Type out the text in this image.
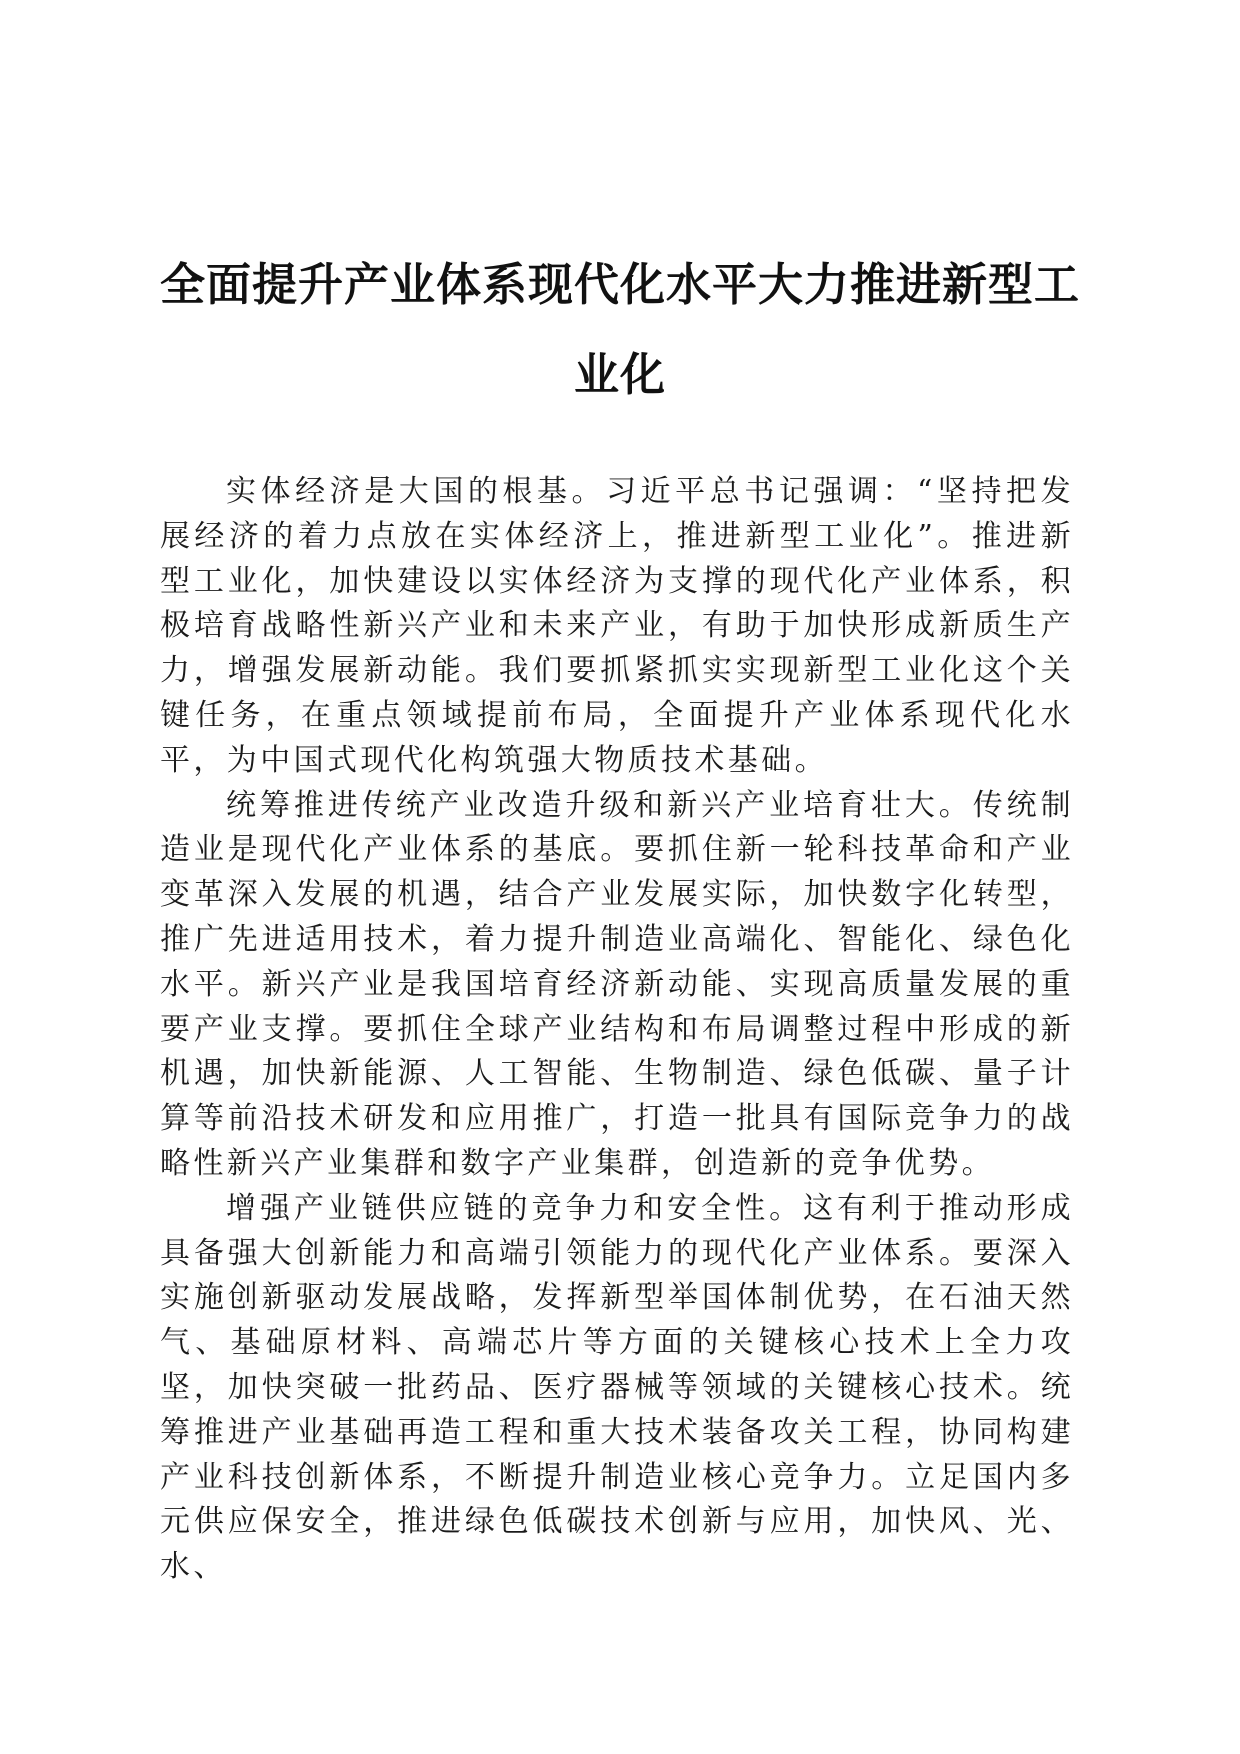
全面提升产业体系现代化水平大力推进新型工业化

实体经济是大国的根基。习近平总书记强调：“坚持把发展经济的着力点放在实体经济上，推进新型工业化”。推进新型工业化，加快建设以实体经济为支撑的现代化产业体系，积极培育战略性新兴产业和未来产业，有助于加快形成新质生产力，增强发展新动能。我们要抓紧抓实实现新型工业化这个关键任务，在重点领域提前布局，全面提升产业体系现代化水平，为中国式现代化构筑强大物质技术基础。

统筹推进传统产业改造升级和新兴产业培育壮大。传统制造业是现代化产业体系的基底。要抓住新一轮科技革命和产业变革深入发展的机遇，结合产业发展实际，加快数字化转型，推广先进适用技术，着力提升制造业高端化、智能化、绿色化水平。新兴产业是我国培育经济新动能、实现高质量发展的重要产业支撑。要抓住全球产业结构和布局调整过程中形成的新机遇，加快新能源、人工智能、生物制造、绿色低碳、量子计算等前沿技术研发和应用推广，打造一批具有国际竞争力的战略性新兴产业集群和数字产业集群，创造新的竞争优势。

增强产业链供应链的竞争力和安全性。这有利于推动形成具备强大创新能力和高端引领能力的现代化产业体系。要深入实施创新驱动发展战略，发挥新型举国体制优势，在石油天然气、基础原材料、高端芯片等方面的关键核心技术上全力攻坚，加快突破一批药品、医疗器械等领域的关键核心技术。统筹推进产业基础再造工程和重大技术装备攻关工程，协同构建产业科技创新体系，不断提升制造业核心竞争力。立足国内多元供应保安全，推进绿色低碳技术创新与应用，加快风、光、水、
